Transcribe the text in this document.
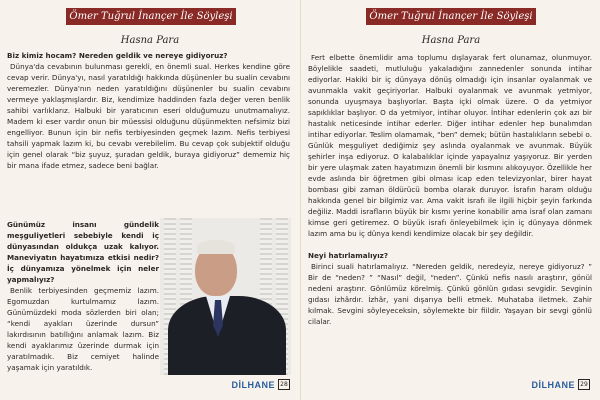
Ömer Tuğrul İnançer İle Söyleşi
Hasna Para
Biz kimiz hocam? Nereden geldik ve nereye gidiyoruz?
Dünya'da cevabının bulunması gerekli, en önemli sual. Herkes kendine göre cevap verir. Dünya'yı, nasıl yaratıldığı hakkında düşünenler bu sualin cevabını veremezler. Dünya'nın neden yaratıldığını düşünenler bu sualin cevabını vermeye yaklaşmışlardır. Biz, kendimize haddinden fazla değer veren benlik sahibi varlıklarız. Halbuki bir yaratıcının eseri olduğumuzu unutmamalıyız. Madem ki eser vardır onun bir müessisi olduğunu düşünmekten nefsimiz bizi engelliyor. Bunun için bir nefis terbiyesinden geçmek lazım. Nefis terbiyesi tahsili yapmak lazım ki, bu cevabı verebilelim. Bu cevap çok subjektif olduğu için genel olarak “biz şuyuz, şuradan geldik, buraya gidiyoruz” dememiz hiç bir mana ifade etmez, sadece beni bağlar.
Günümüz insanı gündelik meşguliyetleri sebebiyle kendi iç dünyasından oldukça uzak kalıyor. Maneviyatın hayatımıza etkisi nedir? İç dünyamıza yönelmek için neler yapmalıyız?
Benlik terbiyesinden geçmemiz lazım. Egomuzdan kurtulmamız lazım. Günümüzdeki moda sözlerden biri olan; “kendi ayakları üzerinde dursun” lakırdısının batıllığını anlamak lazım. Biz kendi ayaklarımız üzerinde durmak için yaratılmadık. Biz cemiyet halinde yaşamak için yaratıldık.
DİLHANE 28
Ömer Tuğrul İnançer İle Söyleşi
Hasna Para
Fert elbette önemlidir ama toplumu dışlayarak fert olunamaz, olunmuyor. Böylelikle saadeti, mutluluğu yakaladığını zannedenler sonunda intihar ediyorlar. Hakiki bir iç dünyaya dönüş olmadığı için insanlar oyalanmak ve avunmakla vakit geçiriyorlar. Halbuki oyalanmak ve avunmak yetmiyor, sonunda uyuşmaya başlıyorlar. Başta içki olmak üzere. O da yetmiyor sapıklıklar başlıyor. O da yetmiyor, intihar oluyor. İntihar edenlerin çok azı bir hastalık neticesinde intihar ederler. Diğer intihar edenler hep bunalımdan intihar ediyorlar. Teslim olamamak, “ben” demek; bütün hastalıkların sebebi o. Günlük meşguliyet dediğimiz şey aslında oyalanmak ve avunmak. Büyük şehirler inşa ediyoruz. O kalabalıklar içinde yapayalnız yaşıyoruz. Bir yerden bir yere ulaşmak zaten hayatımızın önemli bir kısmını alıkoyuyor. Özellikle her evde aslında bir öğretmen gibi olması icap eden televizyonlar, birer hayat bombası gibi zaman öldürücü bomba olarak duruyor. İsrafın haram olduğu hakkında genel bir bilgimiz var. Ama vakit israfı ile ilgili hiçbir şeyin farkında değiliz. Maddi israfların büyük bir kısmı yerine konabilir ama israf olan zamanı kimse geri getiremez. O büyük israfı önleyebilmek için iç dünyaya dönmek lazım ama bu iç dünya kendi kendimize olacak bir şey değildir.
Neyi hatırlamalıyız?
Birinci suali hatırlamalıyız. “Nereden geldik, neredeyiz, nereye gidiyoruz? ” Bir de “neden? ” “Nasıl” değil, “neden”. Çünkü nefis nasılı araştırır, gönül nedeni araştırır. Gönlümüz körelmiş. Çünkü gönlün gıdası sevgidir. Sevginin gıdası izhârdır. İzhâr, yani dışarıya belli etmek. Muhataba iletmek. Zahir kılmak. Sevgini söyleyeceksin, söylemekte bir fiildir. Yaşayan bir sevgi gönlü cilalar.
DİLHANE 29
